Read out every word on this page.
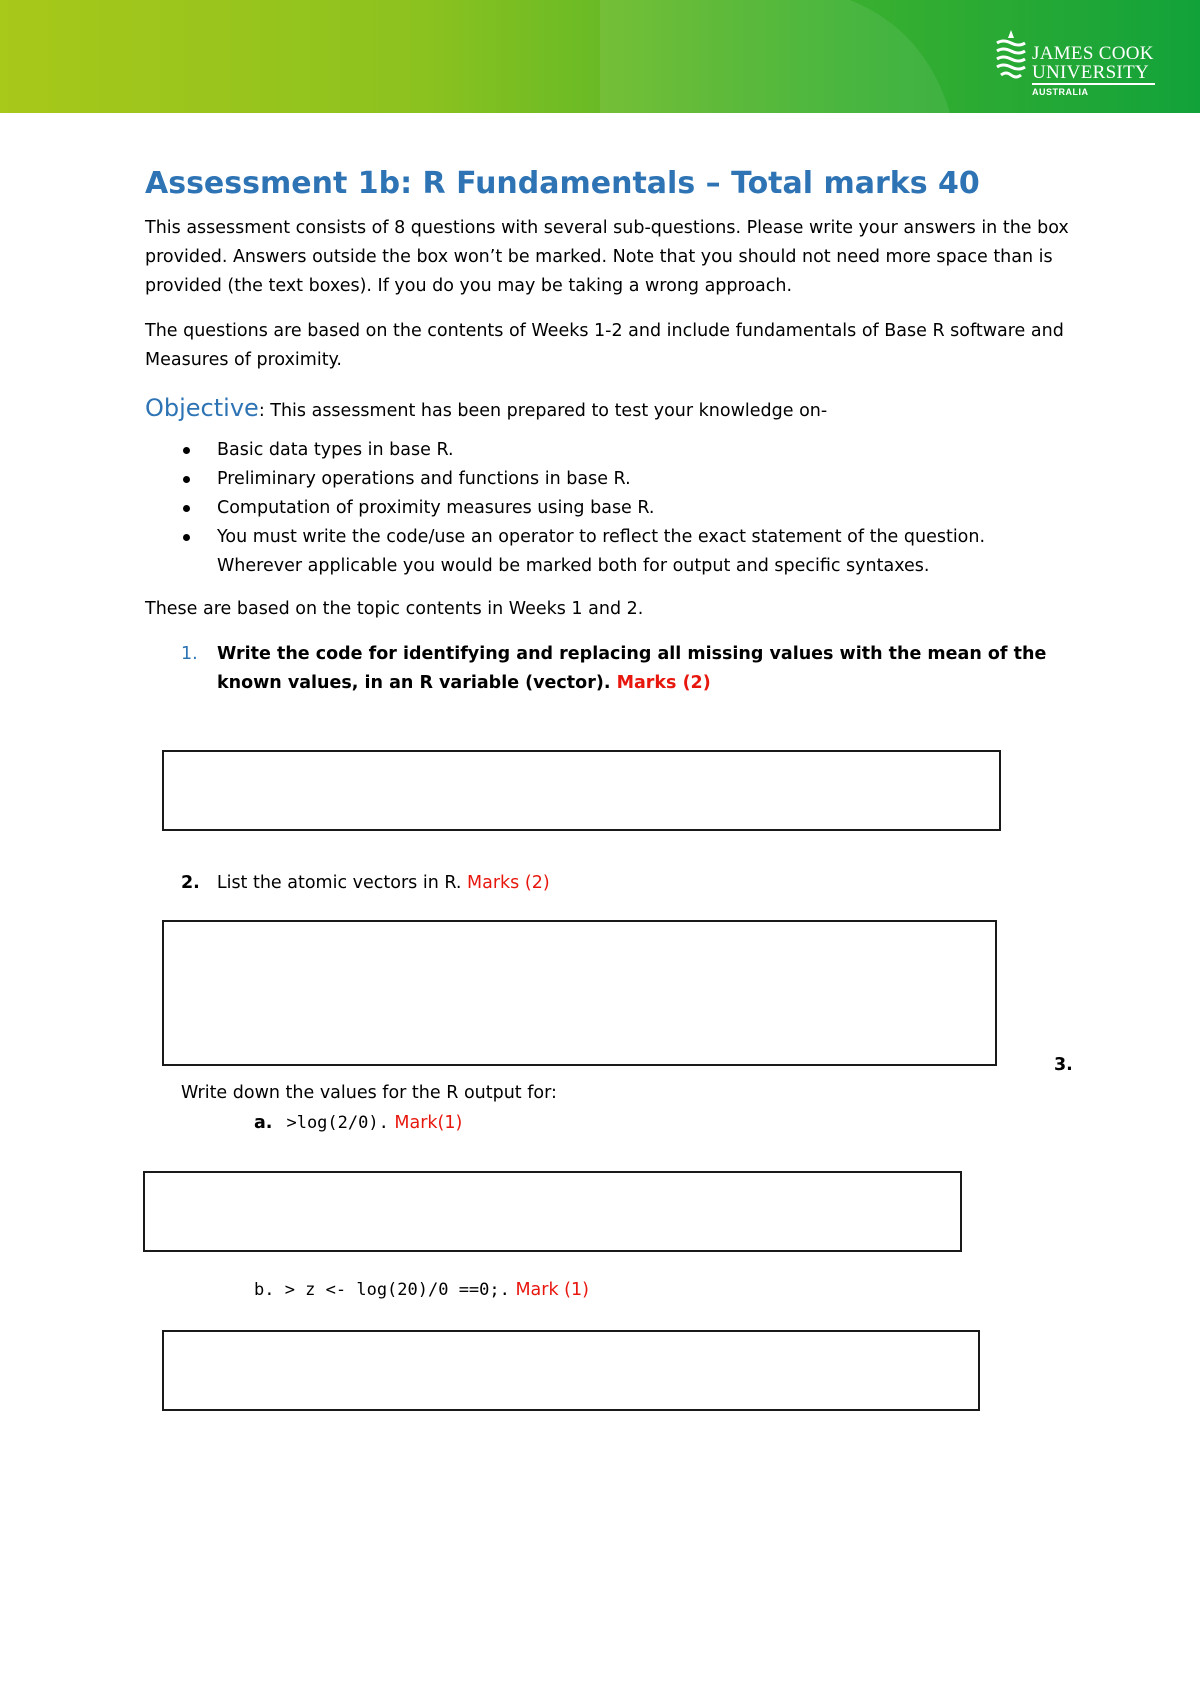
JAMES COOK
UNIVERSITY
AUSTRALIA
Assessment 1b: R Fundamentals – Total marks 40

This assessment consists of 8 questions with several sub-questions. Please write your answers in the box provided. Answers outside the box won’t be marked. Note that you should not need more space than is provided (the text boxes). If you do you may be taking a wrong approach.

The questions are based on the contents of Weeks 1-2 and include fundamentals of Base R software and Measures of proximity.

Objective: This assessment has been prepared to test your knowledge on-

Basic data types in base R.
Preliminary operations and functions in base R.
Computation of proximity measures using base R.
You must write the code/use an operator to reflect the exact statement of the question. Wherever applicable you would be marked both for output and specific syntaxes.

These are based on the topic contents in Weeks 1 and 2.

1. Write the code for identifying and replacing all missing values with the mean of the known values, in an R variable (vector). Marks (2)

2. List the atomic vectors in R. Marks (2)
3.
Write down the values for the R output for:
a. >log(2/0). Mark(1)
b. > z <- log(20)/0 ==0;. Mark (1)
